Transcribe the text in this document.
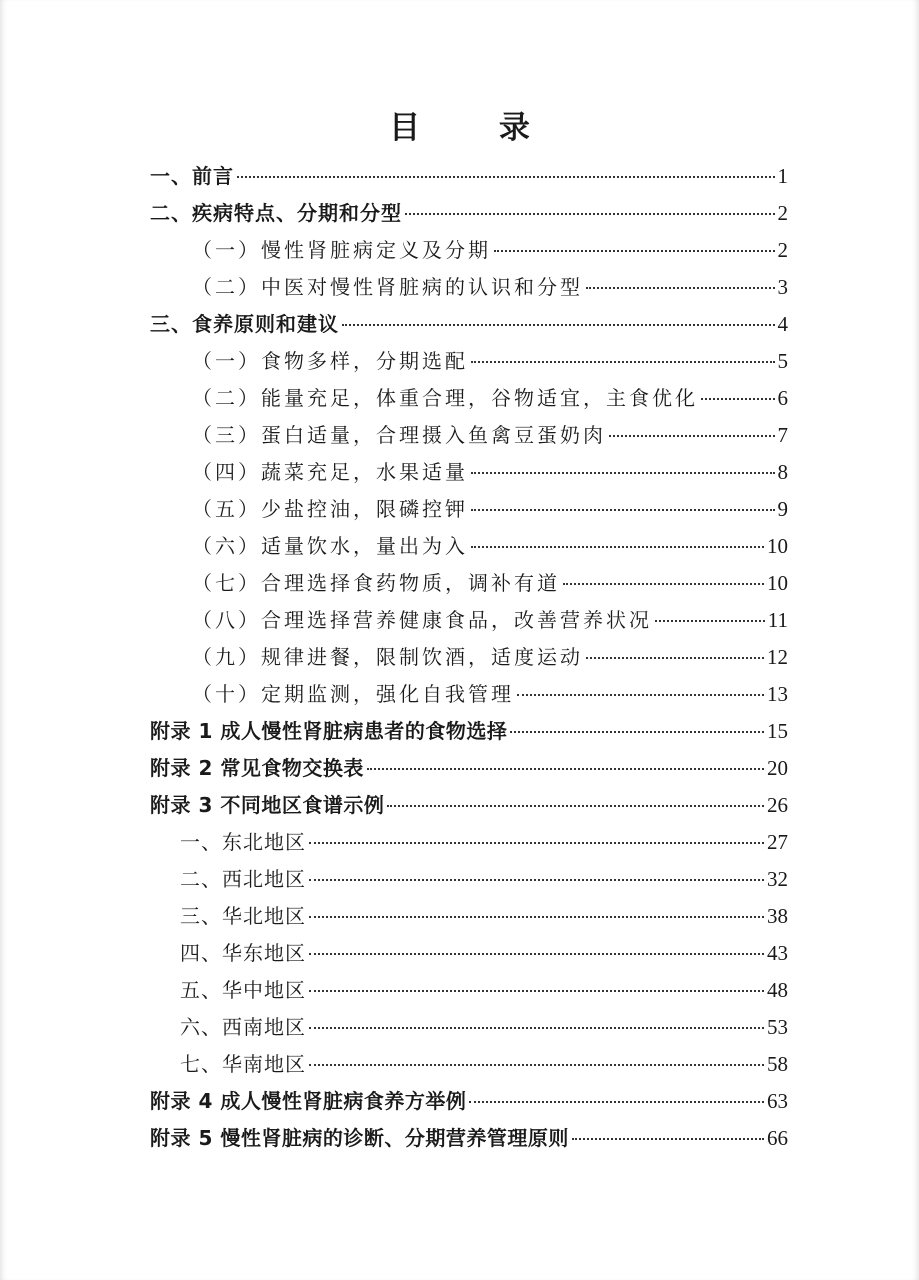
目 录
一、前言	1
二、疾病特点、分期和分型	2
（一）慢性肾脏病定义及分期	2
（二）中医对慢性肾脏病的认识和分型	3
三、食养原则和建议	4
（一）食物多样，分期选配	5
（二）能量充足，体重合理，谷物适宜，主食优化	6
（三）蛋白适量，合理摄入鱼禽豆蛋奶肉	7
（四）蔬菜充足，水果适量	8
（五）少盐控油，限磷控钾	9
（六）适量饮水，量出为入	10
（七）合理选择食药物质，调补有道	10
（八）合理选择营养健康食品，改善营养状况	11
（九）规律进餐，限制饮酒，适度运动	12
（十）定期监测，强化自我管理	13
附录 1 成人慢性肾脏病患者的食物选择	15
附录 2 常见食物交换表	20
附录 3 不同地区食谱示例	26
一、东北地区	27
二、西北地区	32
三、华北地区	38
四、华东地区	43
五、华中地区	48
六、西南地区	53
七、华南地区	58
附录 4 成人慢性肾脏病食养方举例	63
附录 5 慢性肾脏病的诊断、分期营养管理原则	66
